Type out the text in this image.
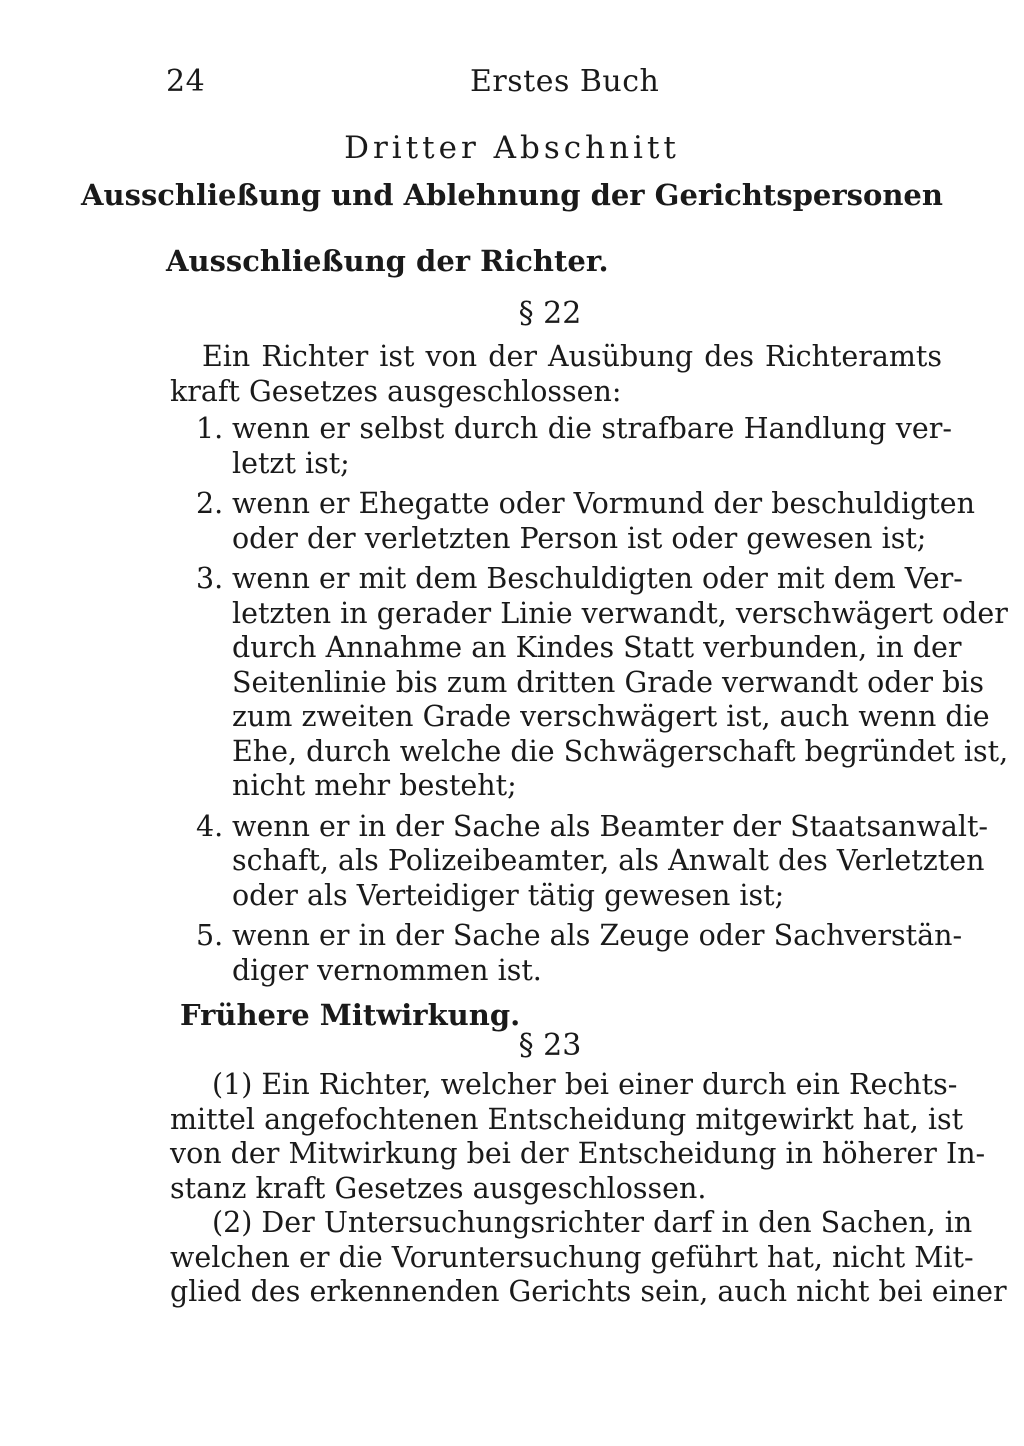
24	Erstes Buch
Dritter Abschnitt
Ausschließung und Ablehnung der Gerichtspersonen
Ausschließung der Richter.
§ 22
Ein Richter ist von der Ausübung des Richteramts
kraft Gesetzes ausgeschlossen:
1. wenn er selbst durch die strafbare Handlung ver-
letzt ist;
2. wenn er Ehegatte oder Vormund der beschuldigten
oder der verletzten Person ist oder gewesen ist;
3. wenn er mit dem Beschuldigten oder mit dem Ver-
letzten in gerader Linie verwandt, verschwägert oder
durch Annahme an Kindes Statt verbunden, in der
Seitenlinie bis zum dritten Grade verwandt oder bis
zum zweiten Grade verschwägert ist, auch wenn die
Ehe, durch welche die Schwägerschaft begründet ist,
nicht mehr besteht;
4. wenn er in der Sache als Beamter der Staatsanwalt-
schaft, als Polizeibeamter, als Anwalt des Verletzten
oder als Verteidiger tätig gewesen ist;
5. wenn er in der Sache als Zeuge oder Sachverstän-
diger vernommen ist.
Frühere Mitwirkung.
§ 23
(1) Ein Richter, welcher bei einer durch ein Rechts-
mittel angefochtenen Entscheidung mitgewirkt hat, ist
von der Mitwirkung bei der Entscheidung in höherer In-
stanz kraft Gesetzes ausgeschlossen.
(2) Der Untersuchungsrichter darf in den Sachen, in
welchen er die Voruntersuchung geführt hat, nicht Mit-
glied des erkennenden Gerichts sein, auch nicht bei einer
